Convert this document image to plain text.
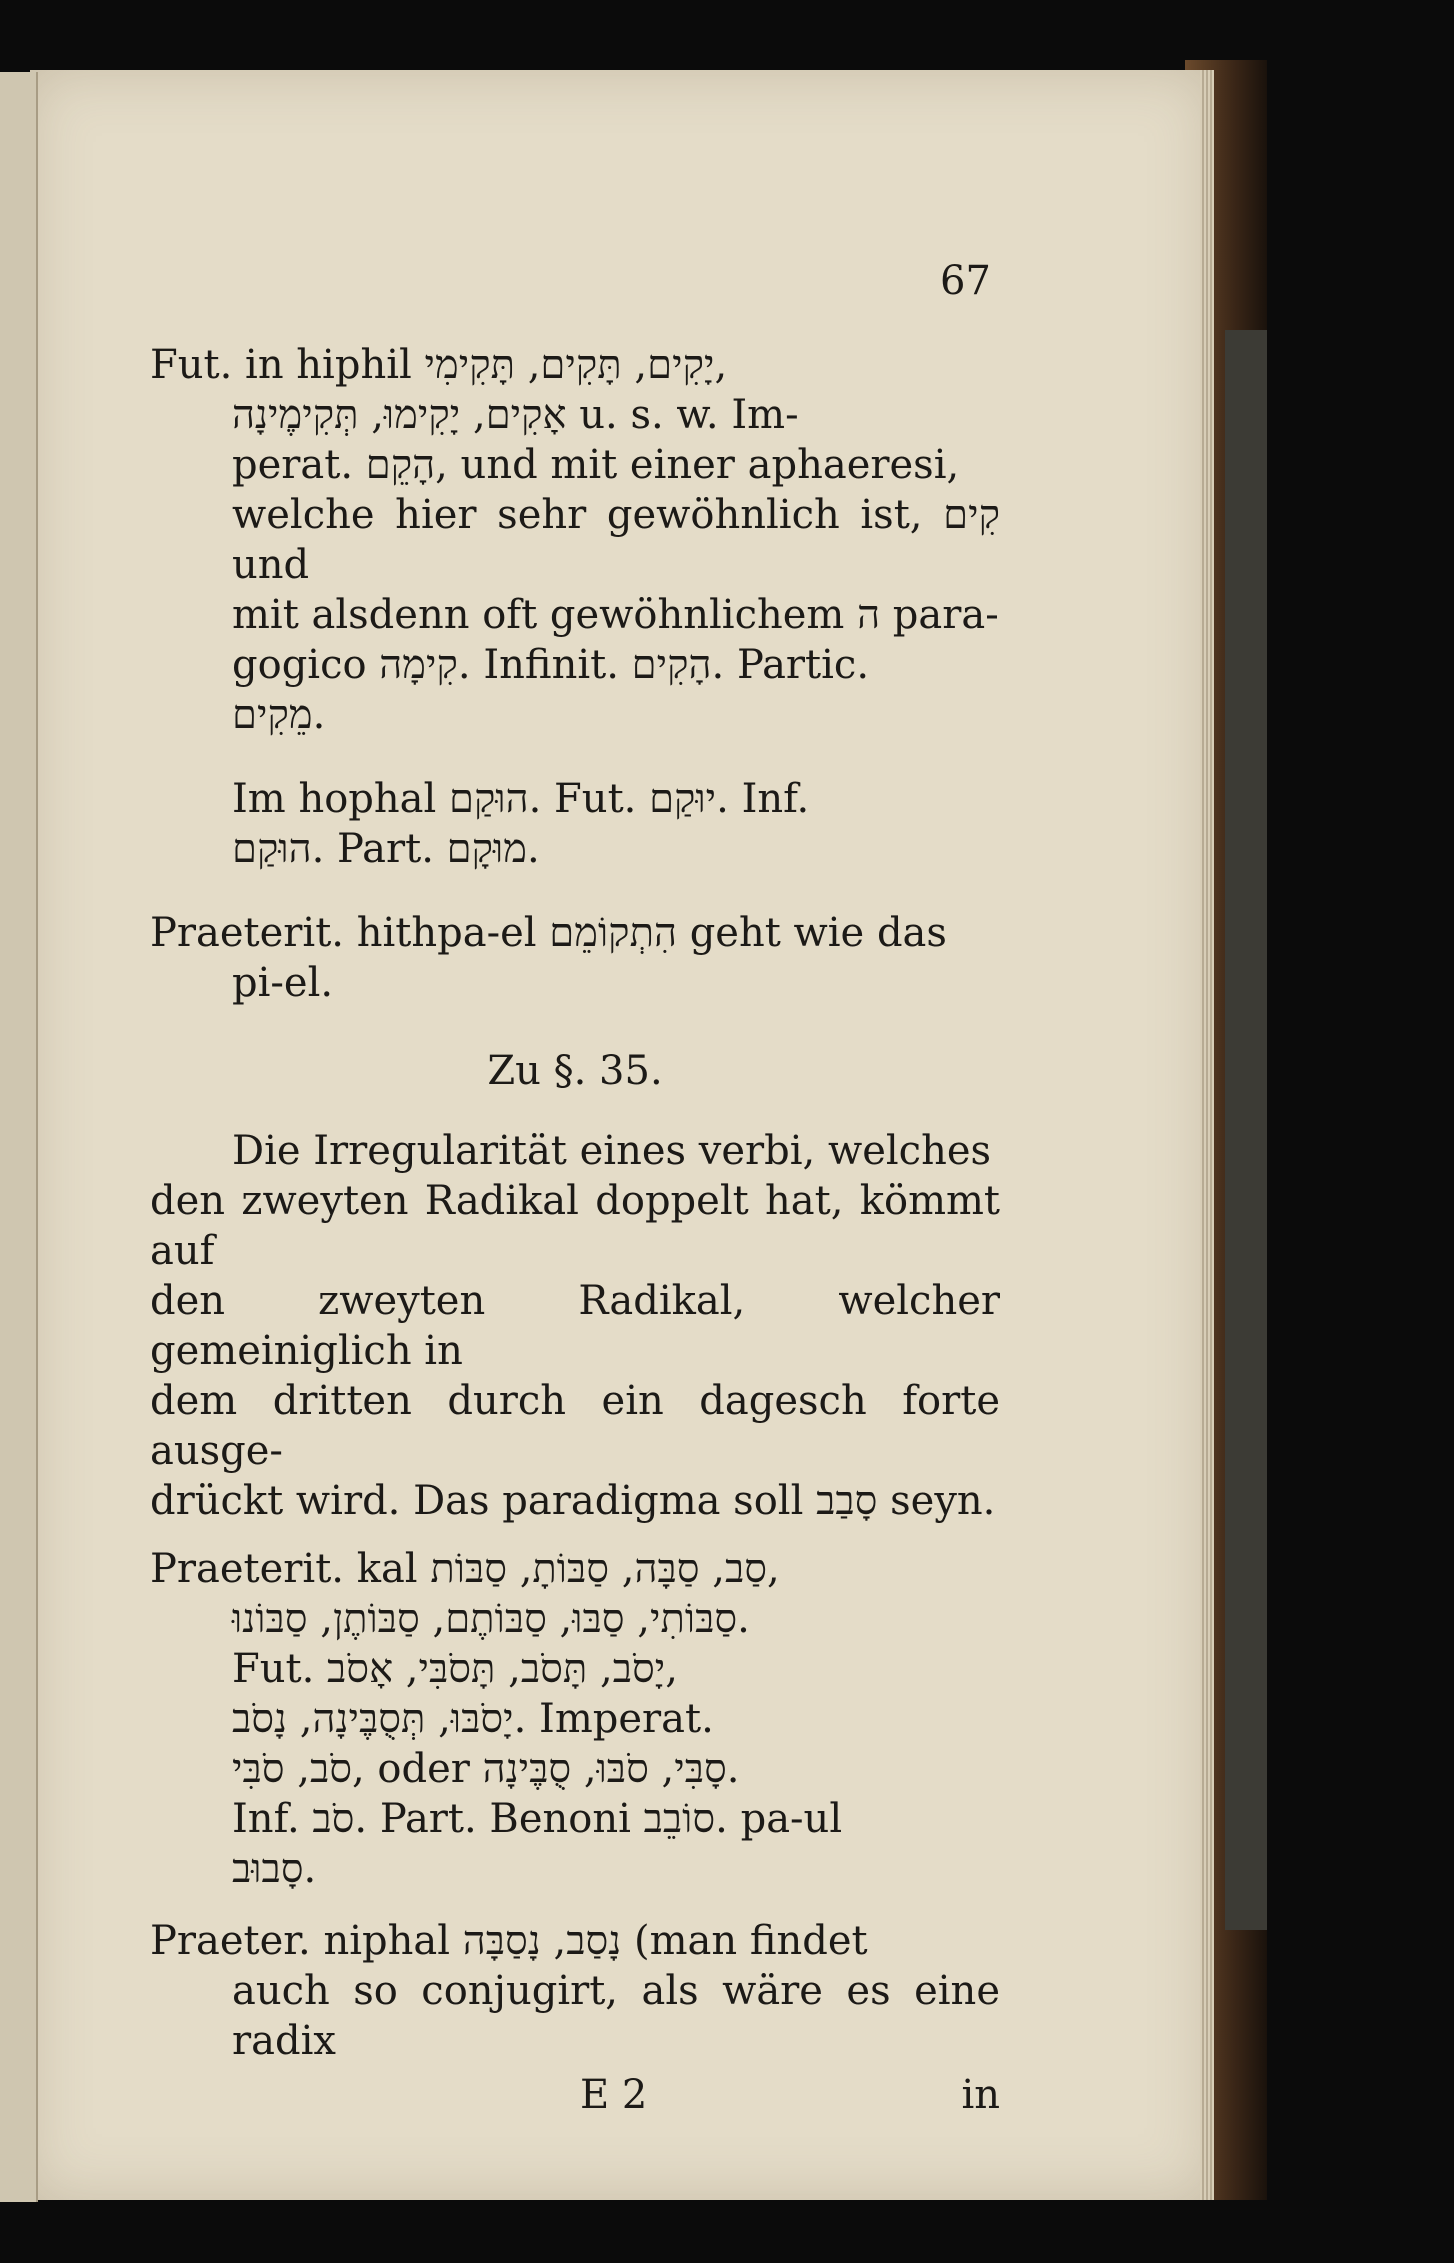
67

Fut. in hiphil יָקִים, תָּקִים, תָּקִימִי,

אָקִים, יָקִימוּ, תְּקִימֶינָה u. s. w. Im-

perat. הָקֵם, und mit einer aphaeresi,

welche hier sehr gewöhnlich ist, קִים und

mit alsdenn oft gewöhnlichem ה para-

gogico קִימָה. Infinit. הָקִים. Partic.

מֵקִים.

Im hophal הוּקַם. Fut. יוּקַם. Inf.

הוּקַם. Part. מוּקָם.

Praeterit. hithpa-el הִתְקוֹמֵם geht wie das

pi-el.

Zu §. 35.

Die Irregularität eines verbi, welches

den zweyten Radikal doppelt hat, kömmt auf

den zweyten Radikal, welcher gemeiniglich in

dem dritten durch ein dagesch forte ausge-

drückt wird. Das paradigma soll סָבַב seyn.

Praeterit. kal סַב, סַבָּה, סַבּוֹתָ, סַבּוֹת,

סַבּוֹתִי, סַבּוּ, סַבּוֹתֶם, סַבּוֹתֶן, סַבּוֹנוּ.

Fut. יָסֹב, תָּסֹב, תָּסֹבִּי, אָסֹב,

יָסֹבּוּ, תְּסֻבֶּינָה, נָסֹב. Imperat.

סֹב, סֹבִּי, oder סָבִּי, סֹבּוּ, סֻבֶּינָה.

Inf. סֹב. Part. Benoni סוֹבֵב. pa-ul

סָבוּב.

Praeter. niphal נָסַב, נָסַבָּה (man findet

auch so conjugirt, als wäre es eine radix

E 2	in
